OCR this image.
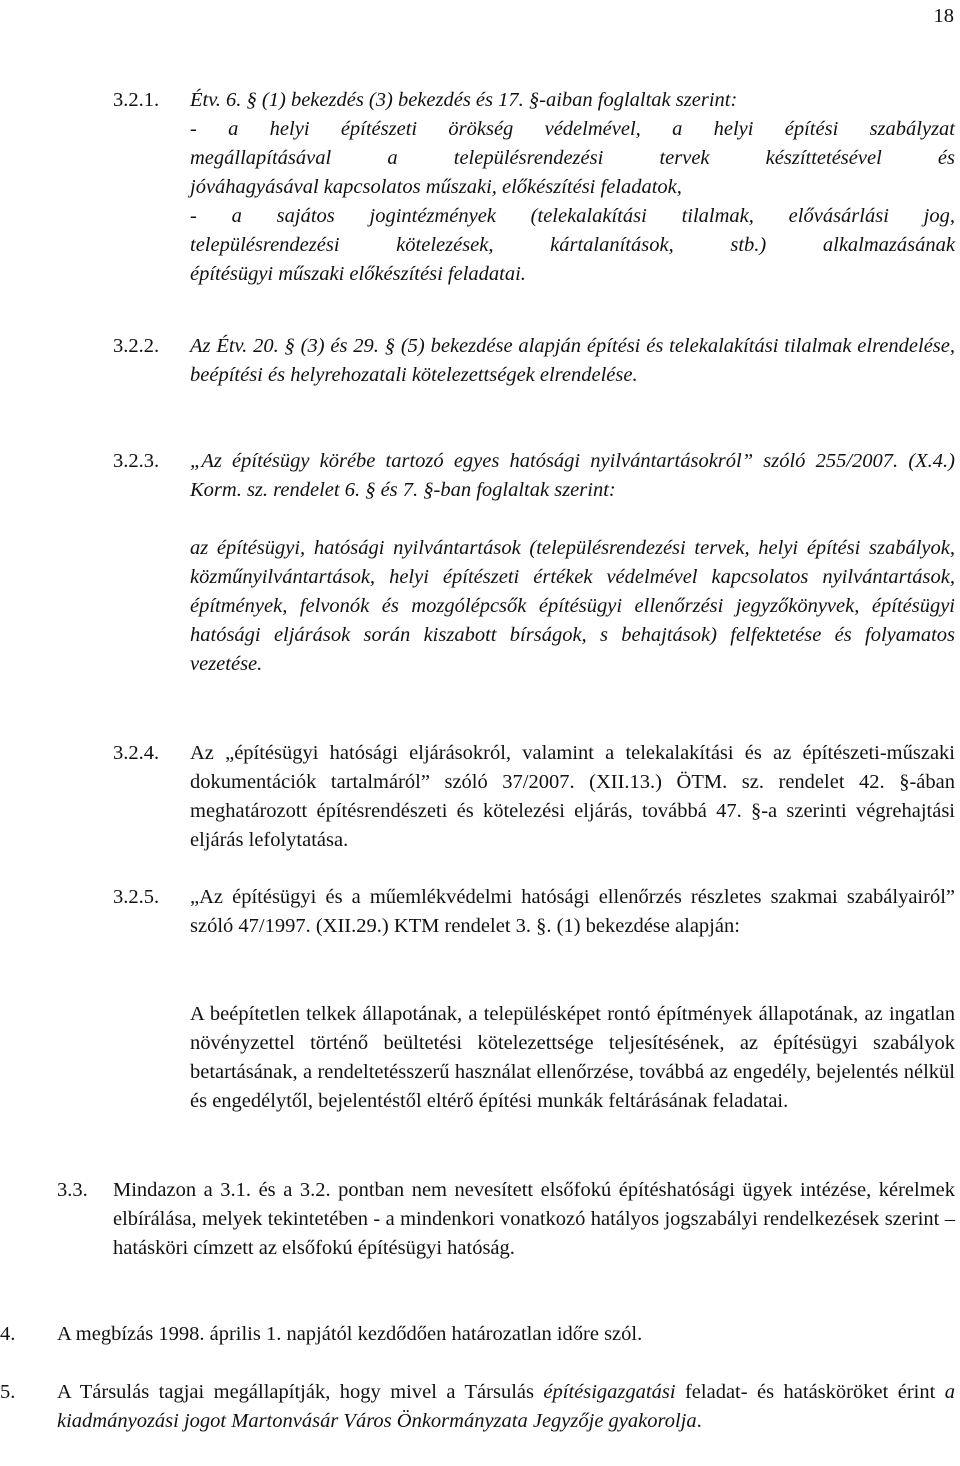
18
3.2.1. Étv. 6. § (1) bekezdés (3) bekezdés és 17. §-aiban foglaltak szerint:
- a helyi építészeti örökség védelmével, a helyi építési szabályzat
megállapításával a településrendezési tervek készíttetésével és
jóváhagyásával kapcsolatos műszaki, előkészítési feladatok,
- a sajátos jogintézmények (telekalakítási tilalmak, elővásárlási jog,
településrendezési kötelezések, kártalanítások, stb.) alkalmazásának
építésügyi műszaki előkészítési feladatai.
3.2.2. Az Étv. 20. § (3) és 29. § (5) bekezdése alapján építési és telekalakítási tilalmak elrendelése, beépítési és helyrehozatali kötelezettségek elrendelése.
3.2.3. „Az építésügy körébe tartozó egyes hatósági nyilvántartásokról” szóló 255/2007. (X.4.) Korm. sz. rendelet 6. § és 7. §-ban foglaltak szerint:
az építésügyi, hatósági nyilvántartások (településrendezési tervek, helyi építési szabályok, közműnyilvántartások, helyi építészeti értékek védelmével kapcsolatos nyilvántartások, építmények, felvonók és mozgólépcsők építésügyi ellenőrzési jegyzőkönyvek, építésügyi hatósági eljárások során kiszabott bírságok, s behajtások) felfektetése és folyamatos vezetése.
3.2.4. Az „építésügyi hatósági eljárásokról, valamint a telekalakítási és az építészeti-műszaki dokumentációk tartalmáról” szóló 37/2007. (XII.13.) ÖTM. sz. rendelet 42. §-ában meghatározott építésrendészeti és kötelezési eljárás, továbbá 47. §-a szerinti végrehajtási eljárás lefolytatása.
3.2.5. „Az építésügyi és a műemlékvédelmi hatósági ellenőrzés részletes szakmai szabályairól” szóló 47/1997. (XII.29.) KTM rendelet 3. §. (1) bekezdése alapján:
A beépítetlen telkek állapotának, a településképet rontó építmények állapotának, az ingatlan növényzettel történő beültetési kötelezettsége teljesítésének, az építésügyi szabályok betartásának, a rendeltetésszerű használat ellenőrzése, továbbá az engedély, bejelentés nélkül és engedélytől, bejelentéstől eltérő építési munkák feltárásának feladatai.
3.3. Mindazon a 3.1. és a 3.2. pontban nem nevesített elsőfokú építéshatósági ügyek intézése, kérelmek elbírálása, melyek tekintetében - a mindenkori vonatkozó hatályos jogszabályi rendelkezések szerint – hatásköri címzett az elsőfokú építésügyi hatóság.
4. A megbízás 1998. április 1. napjától kezdődően határozatlan időre szól.
5. A Társulás tagjai megállapítják, hogy mivel a Társulás építésigazgatási feladat- és hatásköröket érint a kiadmányozási jogot Martonvásár Város Önkormányzata Jegyzője gyakorolja.
